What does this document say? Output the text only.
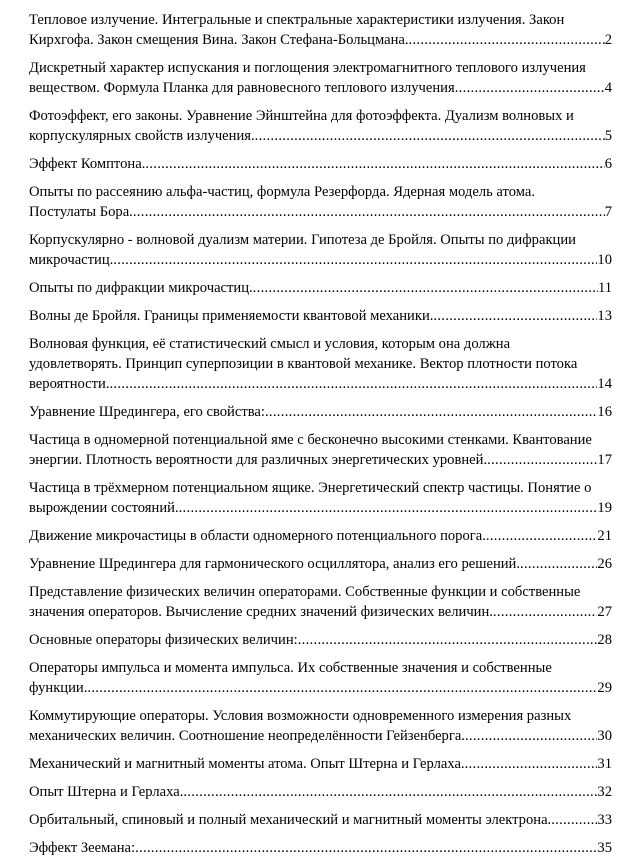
Тепловое излучение. Интегральные и спектральные характеристики излучения. Закон
Кирхгофа. Закон смещения Вина. Закон Стефана-Больцмана. .....	2
Дискретный характер испускания и поглощения электромагнитного теплового излучения
веществом. Формула Планка для равновесного теплового излучения .....	4
Фотоэффект, его законы. Уравнение Эйнштейна для фотоэффекта. Дуализм волновых и
корпускулярных свойств излучения. .....	5
Эффект Комптона. .....	6
Опыты по рассеянию альфа-частиц, формула Резерфорда. Ядерная модель атома.
Постулаты Бора. .....	7
Корпускулярно - волновой дуализм материи. Гипотеза де Бройля. Опыты по дифракции
микрочастиц. .....	10
Опыты по дифракции микрочастиц. .....	11
Волны де Бройля. Границы применяемости квантовой механики. .....	13
Волновая функция, её статистический смысл и условия, которым она должна
удовлетворять. Принцип суперпозиции в квантовой механике. Вектор плотности потока
вероятности. .....	14
Уравнение Шредингера, его свойства: .....	16
Частица в одномерной потенциальной яме с бесконечно высокими стенками. Квантование
энергии. Плотность вероятности для различных энергетических уровней. .....	17
Частица в трёхмерном потенциальном ящике. Энергетический спектр частицы. Понятие о
вырождении состояний. .....	19
Движение микрочастицы в области одномерного потенциального порога. .....	21
Уравнение Шредингера для гармонического осциллятора, анализ его решений. .....	26
Представление физических величин операторами. Собственные функции и собственные
значения операторов. Вычисление средних значений физических величин. .....	27
Основные операторы физических величин: .....	28
Операторы импульса и момента импульса. Их собственные значения и собственные
функции. .....	29
Коммутирующие операторы. Условия возможности одновременного измерения разных
механических величин. Соотношение неопределённости Гейзенберга. .....	30
Механический и магнитный моменты атома. Опыт Штерна и Герлаха. .....	31
Опыт Штерна и Герлаха. .....	32
Орбитальный, спиновый и полный механический и магнитный моменты электрона. .....	33
Эффект Зеемана: .....	35
